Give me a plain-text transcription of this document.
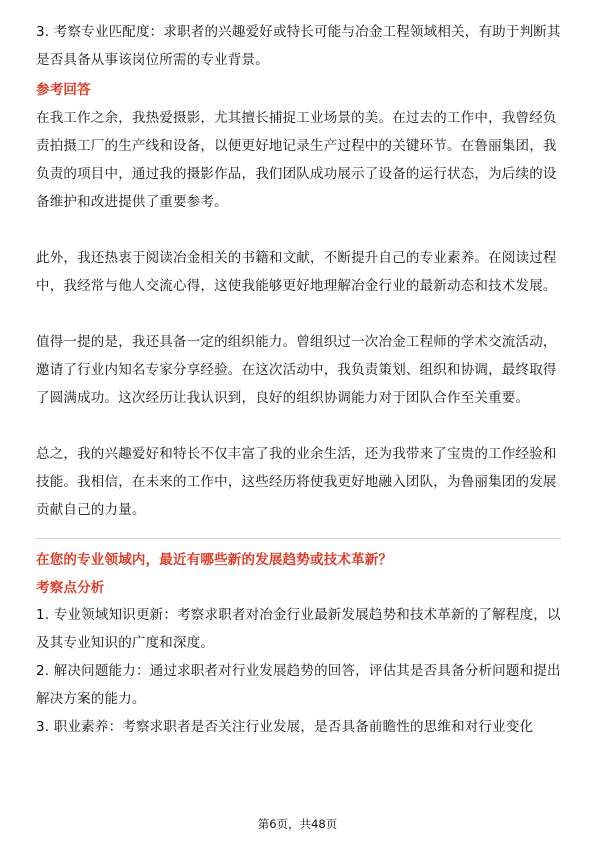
3. 考察专业匹配度：求职者的兴趣爱好或特长可能与冶金工程领域相关，有助于判断其是否具备从事该岗位所需的专业背景。

参考回答

在我工作之余，我热爱摄影，尤其擅长捕捉工业场景的美。在过去的工作中，我曾经负责拍摄工厂的生产线和设备，以便更好地记录生产过程中的关键环节。在鲁丽集团，我负责的项目中，通过我的摄影作品，我们团队成功展示了设备的运行状态，为后续的设备维护和改进提供了重要参考。

此外，我还热衷于阅读冶金相关的书籍和文献，不断提升自己的专业素养。在阅读过程中，我经常与他人交流心得，这使我能够更好地理解冶金行业的最新动态和技术发展。

值得一提的是，我还具备一定的组织能力。曾组织过一次冶金工程师的学术交流活动，邀请了行业内知名专家分享经验。在这次活动中，我负责策划、组织和协调，最终取得了圆满成功。这次经历让我认识到，良好的组织协调能力对于团队合作至关重要。

总之，我的兴趣爱好和特长不仅丰富了我的业余生活，还为我带来了宝贵的工作经验和技能。我相信，在未来的工作中，这些经历将使我更好地融入团队，为鲁丽集团的发展贡献自己的力量。

在您的专业领域内，最近有哪些新的发展趋势或技术革新？

考察点分析

1. 专业领域知识更新：考察求职者对冶金行业最新发展趋势和技术革新的了解程度，以及其专业知识的广度和深度。

2. 解决问题能力：通过求职者对行业发展趋势的回答，评估其是否具备分析问题和提出解决方案的能力。

3. 职业素养：考察求职者是否关注行业发展，是否具备前瞻性的思维和对行业变化

第6页，共48页
